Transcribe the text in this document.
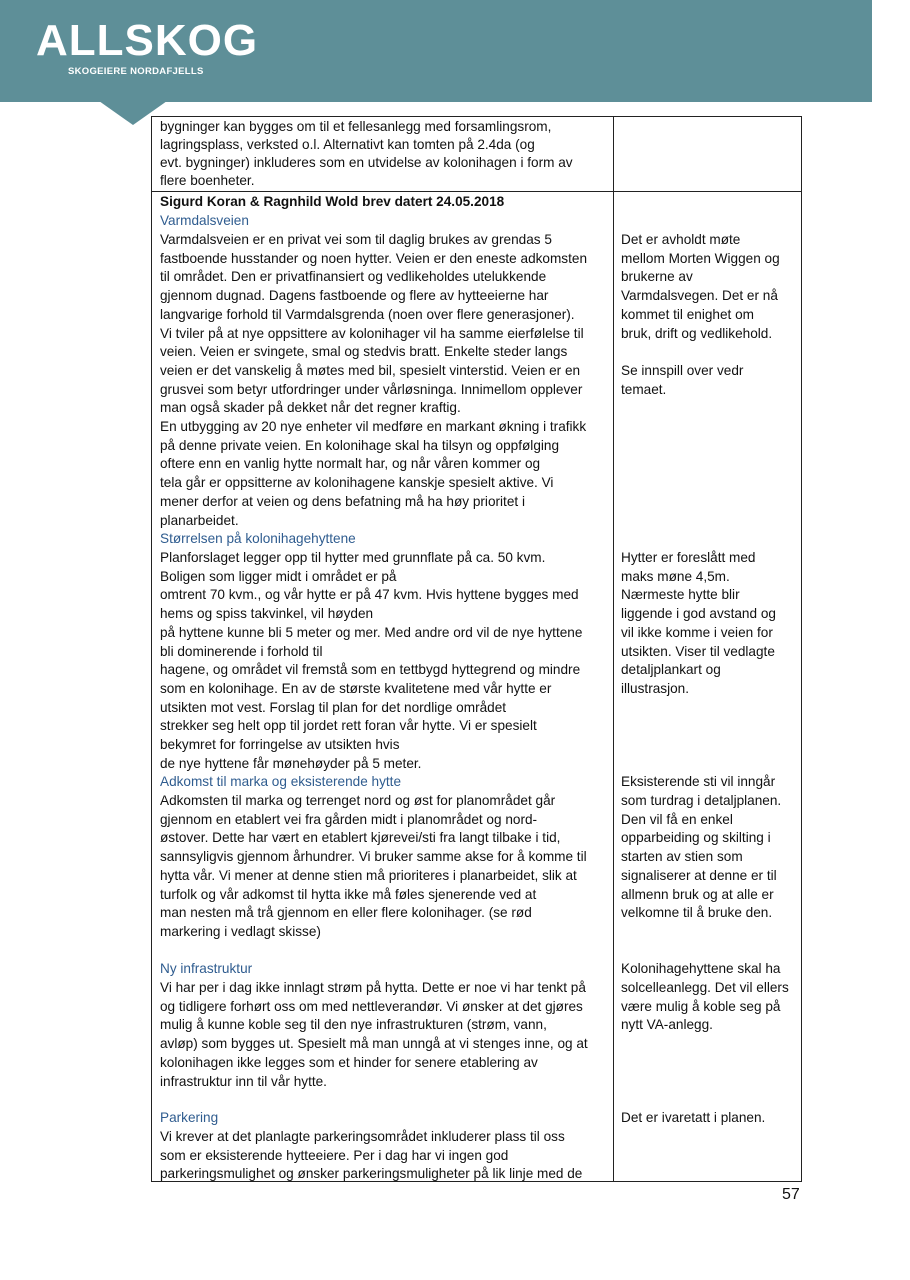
ALLSKOG
SKOGEIERE NORDAFJELLS
bygninger kan bygges om til et fellesanlegg med forsamlingsrom,
lagringsplass, verksted o.l. Alternativt kan tomten på 2.4da (og
evt. bygninger) inkluderes som en utvidelse av kolonihagen i form av
flere boenheter.
Sigurd Koran & Ragnhild Wold brev datert 24.05.2018
Varmdalsveien
Varmdalsveien er en privat vei som til daglig brukes av grendas 5
fastboende husstander og noen hytter. Veien er den eneste adkomsten
til området. Den er privatfinansiert og vedlikeholdes utelukkende
gjennom dugnad. Dagens fastboende og flere av hytteeierne har
langvarige forhold til Varmdalsgrenda (noen over flere generasjoner).
Vi tviler på at nye oppsittere av kolonihager vil ha samme eierfølelse til
veien. Veien er svingete, smal og stedvis bratt. Enkelte steder langs
veien er det vanskelig å møtes med bil, spesielt vinterstid. Veien er en
grusvei som betyr utfordringer under vårløsninga. Innimellom opplever
man også skader på dekket når det regner kraftig.
En utbygging av 20 nye enheter vil medføre en markant økning i trafikk
på denne private veien. En kolonihage skal ha tilsyn og oppfølging
oftere enn en vanlig hytte normalt har, og når våren kommer og
tela går er oppsitterne av kolonihagene kanskje spesielt aktive. Vi
mener derfor at veien og dens befatning må ha høy prioritet i
planarbeidet.
Det er avholdt møte
mellom Morten Wiggen og
brukerne av
Varmdalsvegen. Det er nå
kommet til enighet om
bruk, drift og vedlikehold.
Se innspill over vedr
temaet.
Størrelsen på kolonihagehyttene
Planforslaget legger opp til hytter med grunnflate på ca. 50 kvm.
Boligen som ligger midt i området er på
omtrent 70 kvm., og vår hytte er på 47 kvm. Hvis hyttene bygges med
hems og spiss takvinkel, vil høyden
på hyttene kunne bli 5 meter og mer. Med andre ord vil de nye hyttene
bli dominerende i forhold til
hagene, og området vil fremstå som en tettbygd hyttegrend og mindre
som en kolonihage. En av de største kvalitetene med vår hytte er
utsikten mot vest. Forslag til plan for det nordlige området
strekker seg helt opp til jordet rett foran vår hytte. Vi er spesielt
bekymret for forringelse av utsikten hvis
de nye hyttene får mønehøyder på 5 meter.
Hytter er foreslått med
maks møne 4,5m.
Nærmeste hytte blir
liggende i god avstand og
vil ikke komme i veien for
utsikten. Viser til vedlagte
detaljplankart og
illustrasjon.
Adkomst til marka og eksisterende hytte
Adkomsten til marka og terrenget nord og øst for planområdet går
gjennom en etablert vei fra gården midt i planområdet og nord-
østover. Dette har vært en etablert kjørevei/sti fra langt tilbake i tid,
sannsyligvis gjennom århundrer. Vi bruker samme akse for å komme til
hytta vår. Vi mener at denne stien må prioriteres i planarbeidet, slik at
turfolk og vår adkomst til hytta ikke må føles sjenerende ved at
man nesten må trå gjennom en eller flere kolonihager. (se rød
markering i vedlagt skisse)
Eksisterende sti vil inngår
som turdrag i detaljplanen.
Den vil få en enkel
opparbeiding og skilting i
starten av stien som
signaliserer at denne er til
allmenn bruk og at alle er
velkomne til å bruke den.
Ny infrastruktur
Vi har per i dag ikke innlagt strøm på hytta. Dette er noe vi har tenkt på
og tidligere forhørt oss om med nettleverandør. Vi ønsker at det gjøres
mulig å kunne koble seg til den nye infrastrukturen (strøm, vann,
avløp) som bygges ut. Spesielt må man unngå at vi stenges inne, og at
kolonihagen ikke legges som et hinder for senere etablering av
infrastruktur inn til vår hytte.
Kolonihagehyttene skal ha
solcelleanlegg. Det vil ellers
være mulig å koble seg på
nytt VA-anlegg.
Parkering
Vi krever at det planlagte parkeringsområdet inkluderer plass til oss
som er eksisterende hytteeiere. Per i dag har vi ingen god
parkeringsmulighet og ønsker parkeringsmuligheter på lik linje med de
Det er ivaretatt i planen.
57
